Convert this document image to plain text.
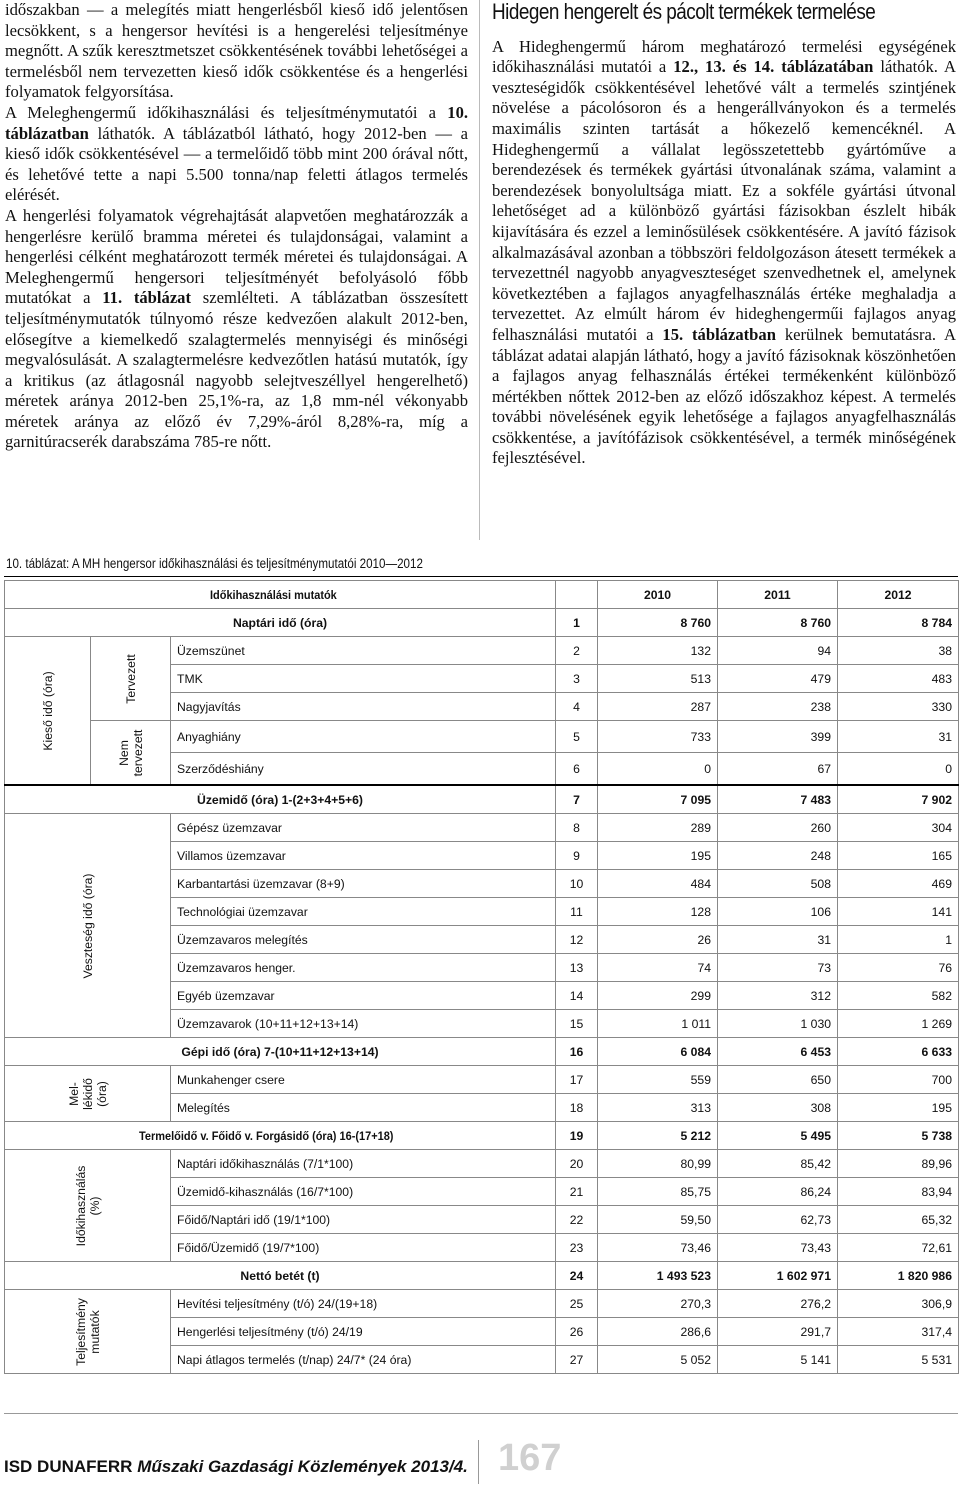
időszakban — a melegítés miatt hengerlésből kieső idő jelentősen lecsökkent, s a hengersor hevítési is a hengerelési teljesítménye megnőtt. A szűk keresztmetszet csökkentésének további lehetőségei a termelésből nem tervezetten kieső idők csökkentése és a hengerlési folyamatok felgyorsítása.

A Meleghengermű időkihasználási és teljesítménymutatói a 10. táblázatban láthatók. A táblázatból látható, hogy 2012-ben — a kieső idők csökkentésével — a termelőidő több mint 200 órával nőtt, és lehetővé tette a napi 5.500 tonna/nap feletti átlagos termelés elérését.

A hengerlési folyamatok végrehajtását alapvetően meghatározzák a hengerlésre kerülő bramma méretei és tulajdonságai, valamint a hengerlési célként meghatározott termék méretei és tulajdonságai. A Meleghengermű hengersori teljesítményét befolyásoló főbb mutatókat a 11. táblázat szemlélteti. A táblázatban összesített teljesítménymutatók túlnyomó része kedvezően alakult 2012-ben, elősegítve a kiemelkedő szalagtermelés mennyiségi és minőségi megvalósulását. A szalagtermelésre kedvezőtlen hatású mutatók, így a kritikus (az átlagosnál nagyobb selejtveszéllyel hengerelhető) méretek aránya 2012-ben 25,1%-ra, az 1,8 mm-nél vékonyabb méretek aránya az előző év 7,29%-áról 8,28%-ra, míg a garnitúracserék darabszáma 785-re nőtt.

Hidegen hengerelt és pácolt termékek termelése

A Hideghengermű három meghatározó termelési egységének időkihasználási mutatói a 12., 13. és 14. táblázatában láthatók. A veszteségidők csökkentésével lehetővé vált a termelés szintjének növelése a pácolósoron és a hengerállványokon és a termelés maximális szinten tartását a hőkezelő kemencéknél. A Hideghengermű a vállalat legösszetettebb gyártóműve a berendezések és termékek gyártási útvonalának száma, valamint a berendezések bonyolultsága miatt. Ez a sokféle gyártási útvonal lehetőséget ad a különböző gyártási fázisokban észlelt hibák kijavítására és ezzel a leminősülések csökkentésére. A javító fázisok alkalmazásával azonban a többszöri feldolgozáson átesett termékek a tervezettnél nagyobb anyagveszteséget szenvedhetnek el, amelynek következtében a fajlagos anyagfelhasználás értéke meghaladja a tervezettet. Az elmúlt három év hideghengerműi fajlagos anyag felhasználási mutatói a 15. táblázatban kerülnek bemutatásra. A táblázat adatai alapján látható, hogy a javító fázisoknak köszönhetően a fajlagos anyag felhasználás értékei termékenként különböző mértékben nőttek 2012-ben az előző időszakhoz képest. A termelés további növelésének egyik lehetősége a fajlagos anyagfelhasználás csökkentése, a javítófázisok csökkentésével, a termék minőségének fejlesztésével.

10. táblázat: A MH hengersor időkihasználási és teljesítménymutatói 2010—2012
Időkihasználási mutatók				2010	2011	2012
Naptári idő (óra)			1	8 760	8 760	8 784

Kieső idő (óra)	Tervezett	Üzemszünet	2	132	94	38
		TMK	3	513	479	483
		Nagyjavítás	4	287	238	330

	Nem tervezett	Anyaghiány	5	733	399	31
		Szerződéshiány	6	0	67	0
Üzemidő (óra) 1-(2+3+4+5+6)			7	7 095	7 483	7 902

Veszteség idő (óra)		Gépész üzemzavar	8	289	260	304
		Villamos üzemzavar	9	195	248	165
		Karbantartási üzemzavar (8+9)	10	484	508	469
		Technológiai üzemzavar	11	128	106	141
		Üzemzavaros melegítés	12	26	31	1
		Üzemzavaros henger.	13	74	73	76
		Egyéb üzemzavar	14	299	312	582
		Üzemzavarok (10+11+12+13+14)	15	1 011	1 030	1 269
Gépi idő (óra) 7-(10+11+12+13+14)			16	6 084	6 453	6 633

Mel-lékidő (óra)		Munkahenger csere	17	559	650	700
		Melegítés	18	313	308	195
Termelőidő v. Főidő v. Forgásidő (óra) 16-(17+18)			19	5 212	5 495	5 738

Időkihasználás (%)		Naptári időkihasználás (7/1*100)	20	80,99	85,42	89,96
		Üzemidő-kihasználás (16/7*100)	21	85,75	86,24	83,94
		Főidő/Naptári idő (19/1*100)	22	59,50	62,73	65,32
		Főidő/Üzemidő (19/7*100)	23	73,46	73,43	72,61
Nettó betét (t)			24	1 493 523	1 602 971	1 820 986

Teljesítmény mutatók		Hevítési teljesítmény (t/ó) 24/(19+18)	25	270,3	276,2	306,9
		Hengerlési teljesítmény (t/ó) 24/19	26	286,6	291,7	317,4
		Napi átlagos termelés (t/nap) 24/7* (24 óra)	27	5 052	5 141	5 531
ISD DUNAFERR Műszaki Gazdasági Közlemények 2013/4. 167
